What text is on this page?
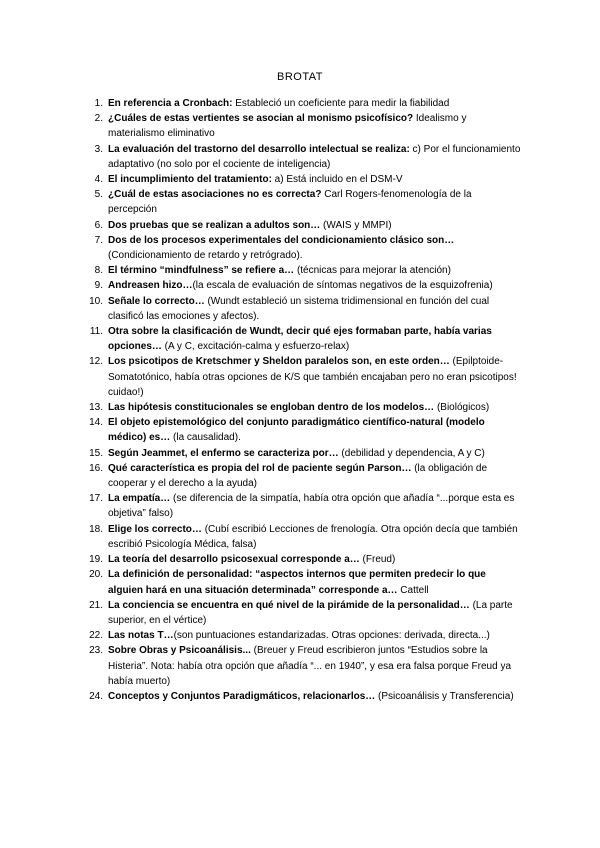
BROTAT
1. En referencia a Cronbach: Estableció un coeficiente para medir la fiabilidad
2. ¿Cuáles de estas vertientes se asocian al monismo psicofísico? Idealismo y materialismo eliminativo
3. La evaluación del trastorno del desarrollo intelectual se realiza: c) Por el funcionamiento adaptativo (no solo por el cociente de inteligencia)
4. El incumplimiento del tratamiento: a) Está incluido en el DSM-V
5. ¿Cuál de estas asociaciones no es correcta? Carl Rogers-fenomenología de la percepción
6. Dos pruebas que se realizan a adultos son… (WAIS y MMPI)
7. Dos de los procesos experimentales del condicionamiento clásico son… (Condicionamiento de retardo y retrógrado).
8. El término “mindfulness” se refiere a… (técnicas para mejorar la atención)
9. Andreasen hizo…(la escala de evaluación de síntomas negativos de la esquizofrenia)
10. Señale lo correcto… (Wundt estableció un sistema tridimensional en función del cual clasificó las emociones y afectos).
11. Otra sobre la clasificación de Wundt, decir qué ejes formaban parte, había varias opciones… (A y C, excitación-calma y esfuerzo-relax)
12. Los psicotipos de Kretschmer y Sheldon paralelos son, en este orden… (Epilptoide-Somatotónico, había otras opciones de K/S que también encajaban pero no eran psicotipos! cuidao!)
13. Las hipótesis constitucionales se engloban dentro de los modelos… (Biológicos)
14. El objeto epistemológico del conjunto paradigmático científico-natural (modelo médico) es… (la causalidad).
15. Según Jeammet, el enfermo se caracteriza por… (debilidad y dependencia, A y C)
16. Qué característica es propia del rol de paciente según Parson… (la obligación de cooperar y el derecho a la ayuda)
17. La empatía… (se diferencia de la simpatía, había otra opción que añadía “...porque esta es objetiva” falso)
18. Elige los correcto… (Cubí escribió Lecciones de frenología. Otra opción decía que también escribió Psicología Médica, falsa)
19. La teoría del desarrollo psicosexual corresponde a… (Freud)
20. La definición de personalidad: “aspectos internos que permiten predecir lo que alguien hará en una situación determinada” corresponde a… Cattell
21. La conciencia se encuentra en qué nivel de la pirámide de la personalidad… (La parte superior, en el vértice)
22. Las notas T…(son puntuaciones estandarizadas. Otras opciones: derivada, directa...)
23. Sobre Obras y Psicoanálisis... (Breuer y Freud escribieron juntos “Estudios sobre la Histeria”. Nota: había otra opción que añadía “... en 1940”, y esa era falsa porque Freud ya había muerto)
24. Conceptos y Conjuntos Paradigmáticos, relacionarlos… (Psicoanálisis y Transferencia)
